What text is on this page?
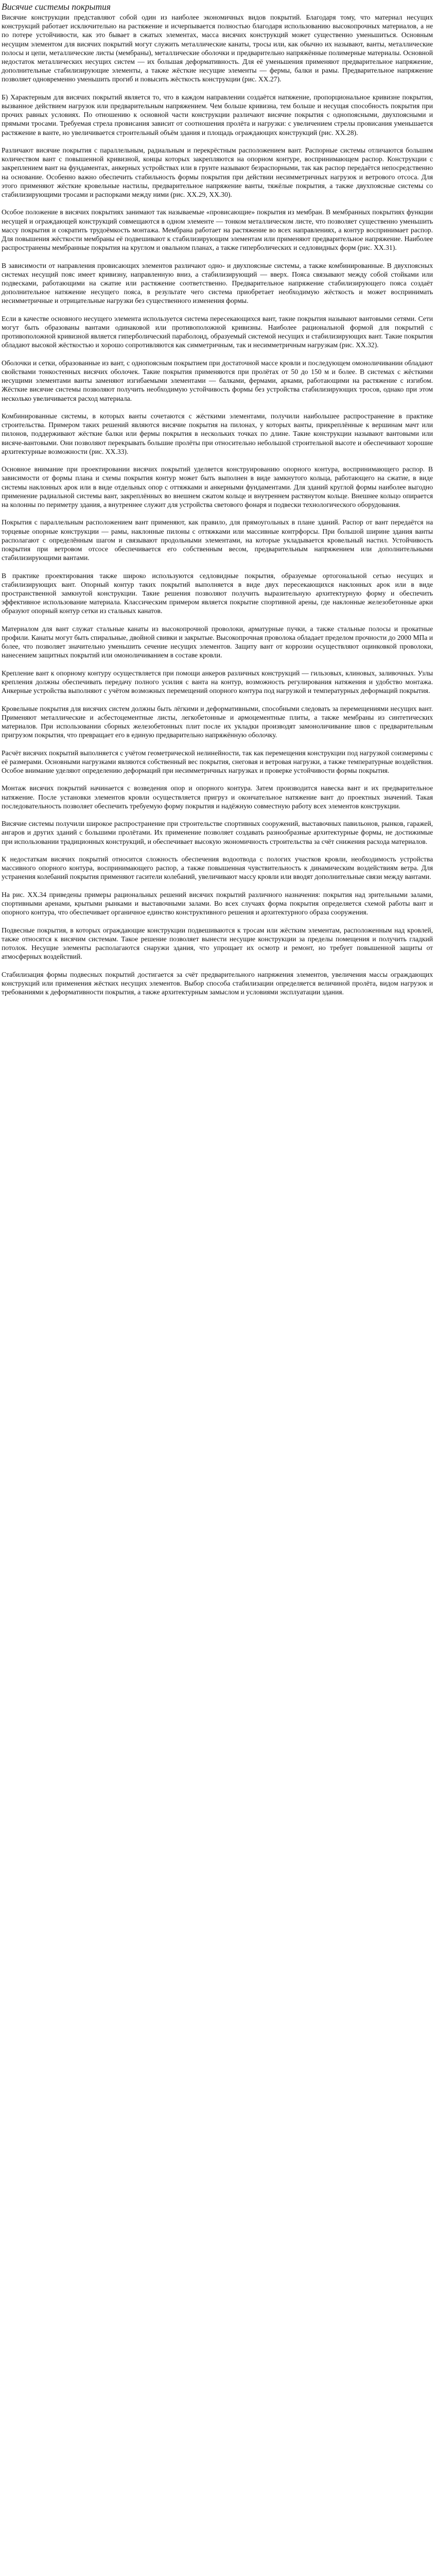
Висячие системы покрытия

Висячие конструкции представляют собой один из наиболее экономичных видов покрытий. Благодаря тому, что материал несущих конструкций работает исключительно на растяжение и исчерпывается полностью благодаря использованию высокопрочных материалов, а не по потере устойчивости, как это бывает в сжатых элементах, масса висячих конструкций может существенно уменьшиться. Основным несущим элементом для висячих покрытий могут служить металлические канаты, тросы или, как обычно их называют, ванты, металлические полосы и цепи, металлические листы (мембраны), металлические оболочки и предварительно напряжённые полимерные материалы. Основной недостаток металлических несущих систем — их большая деформативность. Для её уменьшения применяют предварительное напряжение, дополнительные стабилизирующие элементы, а также жёсткие несущие элементы — фермы, балки и рамы. Предварительное напряжение позволяет одновременно уменьшить прогиб и повысить жёсткость конструкции (рис. ХХ.27).

Б) Характерным для висячих покрытий является то, что в каждом направлении создаётся натяжение, пропорциональное кривизне покрытия, вызванное действием нагрузок или предварительным напряжением. Чем больше кривизна, тем больше и несущая способность покрытия при прочих равных условиях. По отношению к основной части конструкции различают висячие покрытия с однопоясными, двухпоясными и прямыми тросами. Требуемая стрела провисания зависит от соотношения пролёта и нагрузки: с увеличением стрелы провисания уменьшается растяжение в ванте, но увеличивается строительный объём здания и площадь ограждающих конструкций (рис. ХХ.28).

Различают висячие покрытия с параллельным, радиальным и перекрёстным расположением вант. Распорные системы отличаются большим количеством вант с повышенной кривизной, концы которых закрепляются на опорном контуре, воспринимающем распор. Конструкции с закреплением вант на фундаментах, анкерных устройствах или в грунте называют безраспорными, так как распор передаётся непосредственно на основание. Особенно важно обеспечить стабильность формы покрытия при действии несимметричных нагрузок и ветрового отсоса. Для этого применяют жёсткие кровельные настилы, предварительное напряжение ванты, тяжёлые покрытия, а также двухпоясные системы со стабилизирующими тросами и распорками между ними (рис. ХХ.29, ХХ.30).

Особое положение в висячих покрытиях занимают так называемые «провисающие» покрытия из мембран. В мембранных покрытиях функции несущей и ограждающей конструкций совмещаются в одном элементе — тонком металлическом листе, что позволяет существенно уменьшить массу покрытия и сократить трудоёмкость монтажа. Мембрана работает на растяжение во всех направлениях, а контур воспринимает распор. Для повышения жёсткости мембраны её подвешивают к стабилизирующим элементам или применяют предварительное напряжение. Наиболее распространены мембранные покрытия на круглом и овальном планах, а также гиперболических и седловидных форм (рис. ХХ.31).

В зависимости от направления провисающих элементов различают одно- и двухпоясные системы, а также комбинированные. В двухпоясных системах несущий пояс имеет кривизну, направленную вниз, а стабилизирующий — вверх. Пояса связывают между собой стойками или подвесками, работающими на сжатие или растяжение соответственно. Предварительное напряжение стабилизирующего пояса создаёт дополнительное натяжение несущего пояса, в результате чего система приобретает необходимую жёсткость и может воспринимать несимметричные и отрицательные нагрузки без существенного изменения формы.

Если в качестве основного несущего элемента используется система пересекающихся вант, такие покрытия называют вантовыми сетями. Сети могут быть образованы вантами одинаковой или противоположной кривизны. Наиболее рациональной формой для покрытий с противоположной кривизной является гиперболический параболоид, образуемый системой несущих и стабилизирующих вант. Такие покрытия обладают высокой жёсткостью и хорошо сопротивляются как симметричным, так и несимметричным нагрузкам (рис. ХХ.32).

Оболочки и сетки, образованные из вант, с однопоясным покрытием при достаточной массе кровли и последующем омоноличивании обладают свойствами тонкостенных висячих оболочек. Такие покрытия применяются при пролётах от 50 до 150 м и более. В системах с жёсткими несущими элементами ванты заменяют изгибаемыми элементами — балками, фермами, арками, работающими на растяжение с изгибом. Жёсткие висячие системы позволяют получить необходимую устойчивость формы без устройства стабилизирующих тросов, однако при этом несколько увеличивается расход материала.

Комбинированные системы, в которых ванты сочетаются с жёсткими элементами, получили наибольшее распространение в практике строительства. Примером таких решений являются висячие покрытия на пилонах, у которых ванты, прикреплённые к вершинам мачт или пилонов, поддерживают жёсткие балки или фермы покрытия в нескольких точках по длине. Такие конструкции называют вантовыми или висяче-вантовыми. Они позволяют перекрывать большие пролёты при относительно небольшой строительной высоте и обеспечивают хорошие архитектурные возможности (рис. ХХ.33).

Основное внимание при проектировании висячих покрытий уделяется конструированию опорного контура, воспринимающего распор. В зависимости от формы плана и схемы покрытия контур может быть выполнен в виде замкнутого кольца, работающего на сжатие, в виде системы наклонных арок или в виде отдельных опор с оттяжками и анкерными фундаментами. Для зданий круглой формы наиболее выгодно применение радиальной системы вант, закреплённых во внешнем сжатом кольце и внутреннем растянутом кольце. Внешнее кольцо опирается на колонны по периметру здания, а внутреннее служит для устройства светового фонаря и подвески технологического оборудования.

Покрытия с параллельным расположением вант применяют, как правило, для прямоугольных в плане зданий. Распор от вант передаётся на торцевые опорные конструкции — рамы, наклонные пилоны с оттяжками или массивные контрфорсы. При большой ширине здания ванты располагают с определённым шагом и связывают продольными элементами, на которые укладывается кровельный настил. Устойчивость покрытия при ветровом отсосе обеспечивается его собственным весом, предварительным напряжением или дополнительными стабилизирующими вантами.

В практике проектирования также широко используются седловидные покрытия, образуемые ортогональной сетью несущих и стабилизирующих вант. Опорный контур таких покрытий выполняется в виде двух пересекающихся наклонных арок или в виде пространственной замкнутой конструкции. Такие решения позволяют получить выразительную архитектурную форму и обеспечить эффективное использование материала. Классическим примером является покрытие спортивной арены, где наклонные железобетонные арки образуют опорный контур сетки из стальных канатов.

Материалом для вант служат стальные канаты из высокопрочной проволоки, арматурные пучки, а также стальные полосы и прокатные профили. Канаты могут быть спиральные, двойной свивки и закрытые. Высокопрочная проволока обладает пределом прочности до 2000 МПа и более, что позволяет значительно уменьшить сечение несущих элементов. Защиту вант от коррозии осуществляют оцинковкой проволоки, нанесением защитных покрытий или омоноличиванием в составе кровли.

Крепление вант к опорному контуру осуществляется при помощи анкеров различных конструкций — гильзовых, клиновых, заливочных. Узлы крепления должны обеспечивать передачу полного усилия с ванта на контур, возможность регулирования натяжения и удобство монтажа. Анкерные устройства выполняют с учётом возможных перемещений опорного контура под нагрузкой и температурных деформаций покрытия.

Кровельные покрытия для висячих систем должны быть лёгкими и деформативными, способными следовать за перемещениями несущих вант. Применяют металлические и асбестоцементные листы, легкобетонные и армоцементные плиты, а также мембраны из синтетических материалов. При использовании сборных железобетонных плит после их укладки производят замоноличивание швов с предварительным пригрузом покрытия, что превращает его в единую предварительно напряжённую оболочку.

Расчёт висячих покрытий выполняется с учётом геометрической нелинейности, так как перемещения конструкции под нагрузкой соизмеримы с её размерами. Основными нагрузками являются собственный вес покрытия, снеговая и ветровая нагрузки, а также температурные воздействия. Особое внимание уделяют определению деформаций при несимметричных нагрузках и проверке устойчивости формы покрытия.

Монтаж висячих покрытий начинается с возведения опор и опорного контура. Затем производится навеска вант и их предварительное натяжение. После установки элементов кровли осуществляется пригруз и окончательное натяжение вант до проектных значений. Такая последовательность позволяет обеспечить требуемую форму покрытия и надёжную совместную работу всех элементов конструкции.

Висячие системы получили широкое распространение при строительстве спортивных сооружений, выставочных павильонов, рынков, гаражей, ангаров и других зданий с большими пролётами. Их применение позволяет создавать разнообразные архитектурные формы, не достижимые при использовании традиционных конструкций, и обеспечивает высокую экономичность строительства за счёт снижения расхода материалов.

К недостаткам висячих покрытий относится сложность обеспечения водоотвода с пологих участков кровли, необходимость устройства массивного опорного контура, воспринимающего распор, а также повышенная чувствительность к динамическим воздействиям ветра. Для устранения колебаний покрытия применяют гасители колебаний, увеличивают массу кровли или вводят дополнительные связи между вантами.

На рис. ХХ.34 приведены примеры рациональных решений висячих покрытий различного назначения: покрытия над зрительными залами, спортивными аренами, крытыми рынками и выставочными залами. Во всех случаях форма покрытия определяется схемой работы вант и опорного контура, что обеспечивает органичное единство конструктивного решения и архитектурного образа сооружения.

Подвесные покрытия, в которых ограждающие конструкции подвешиваются к тросам или жёстким элементам, расположенным над кровлей, также относятся к висячим системам. Такое решение позволяет вынести несущие конструкции за пределы помещения и получить гладкий потолок. Несущие элементы располагаются снаружи здания, что упрощает их осмотр и ремонт, но требует повышенной защиты от атмосферных воздействий.

Стабилизация формы подвесных покрытий достигается за счёт предварительного напряжения элементов, увеличения массы ограждающих конструкций или применения жёстких несущих элементов. Выбор способа стабилизации определяется величиной пролёта, видом нагрузок и требованиями к деформативности покрытия, а также архитектурным замыслом и условиями эксплуатации здания.
